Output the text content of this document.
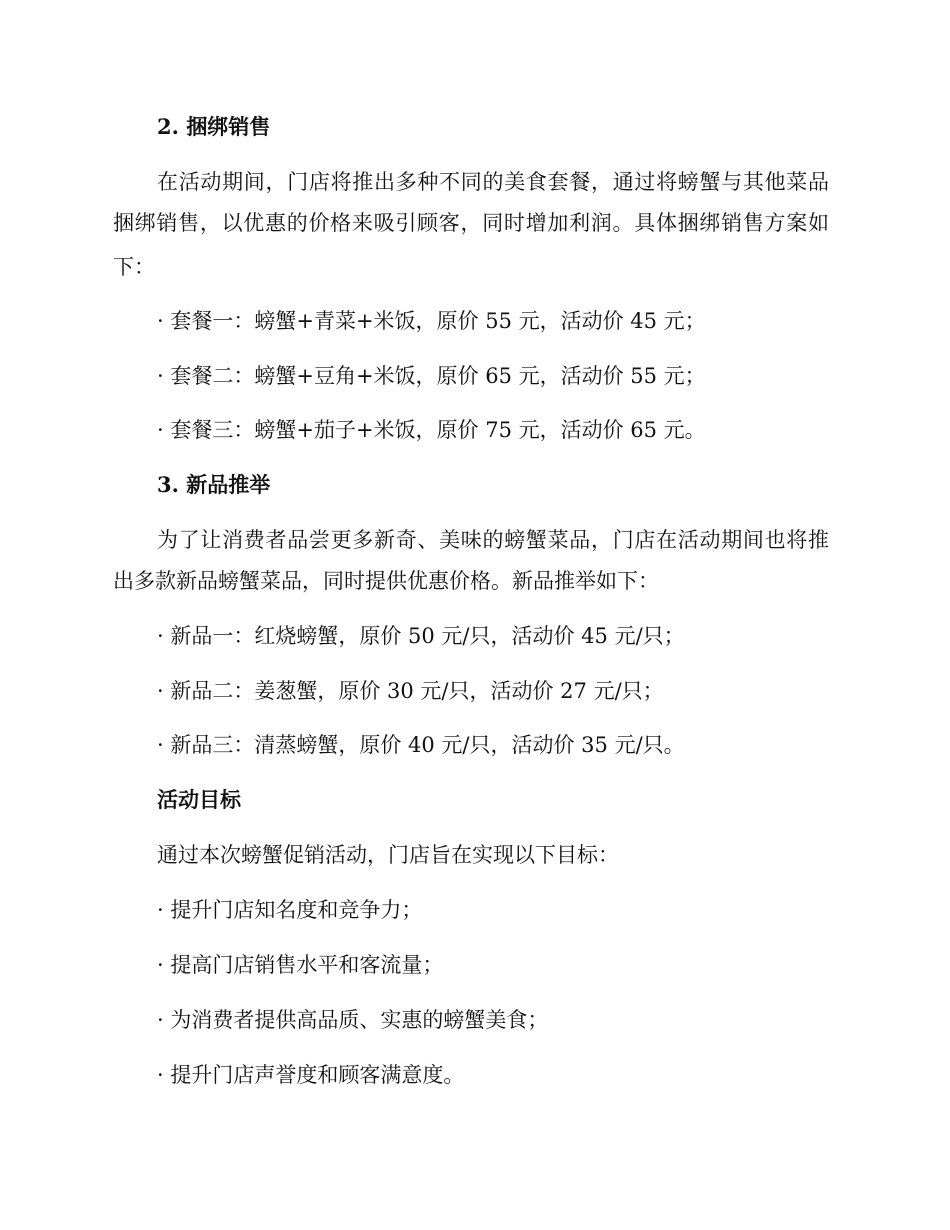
2. 捆绑销售
在活动期间，门店将推出多种不同的美食套餐，通过将螃蟹与其他菜品
捆绑销售，以优惠的价格来吸引顾客，同时增加利润。具体捆绑销售方案如
下：
· 套餐一：螃蟹+青菜+米饭，原价 55 元，活动价 45 元；
· 套餐二：螃蟹+豆角+米饭，原价 65 元，活动价 55 元；
· 套餐三：螃蟹+茄子+米饭，原价 75 元，活动价 65 元。
3. 新品推举
为了让消费者品尝更多新奇、美味的螃蟹菜品，门店在活动期间也将推
出多款新品螃蟹菜品，同时提供优惠价格。新品推举如下：
· 新品一：红烧螃蟹，原价 50 元/只，活动价 45 元/只；
· 新品二：姜葱蟹，原价 30 元/只，活动价 27 元/只；
· 新品三：清蒸螃蟹，原价 40 元/只，活动价 35 元/只。
活动目标
通过本次螃蟹促销活动，门店旨在实现以下目标：
· 提升门店知名度和竞争力；
· 提高门店销售水平和客流量；
· 为消费者提供高品质、实惠的螃蟹美食；
· 提升门店声誉度和顾客满意度。
